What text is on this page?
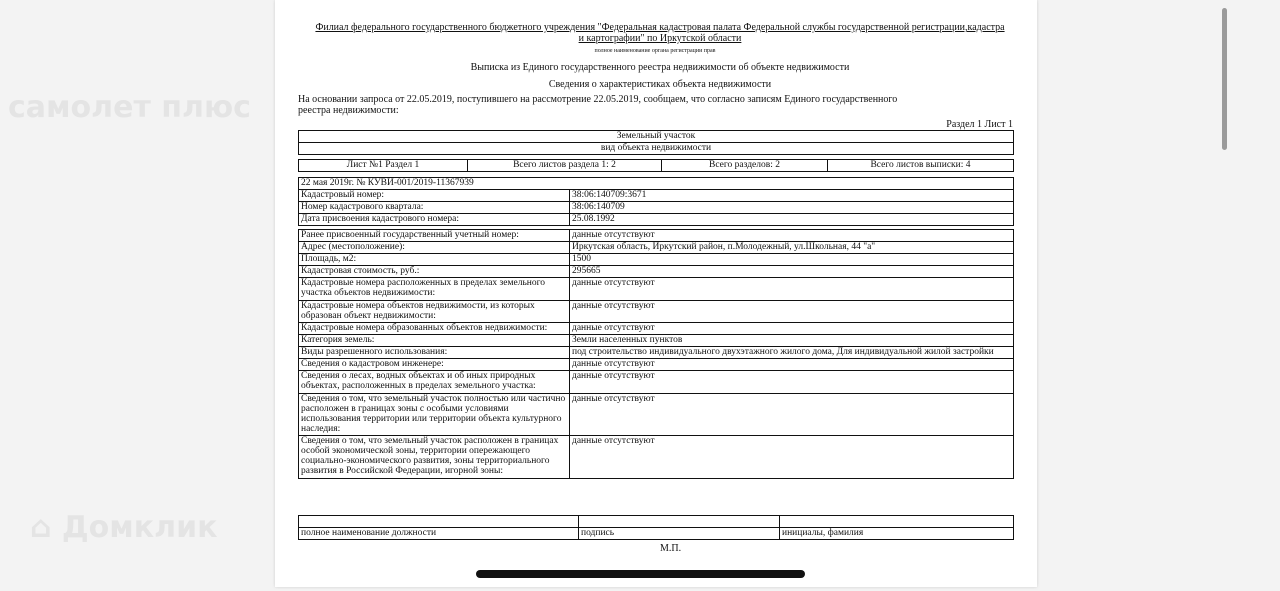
самолет плюс
⌂ Домклик
Филиал федерального государственного бюджетного учреждения "Федеральная кадастровая палата Федеральной службы государственной регистрации,кадастра и картографии" по Иркутской области
полное наименование органа регистрации прав
Выписка из Единого государственного реестра недвижимости об объекте недвижимости
Сведения о характеристиках объекта недвижимости
На основании запроса от 22.05.2019, поступившего на рассмотрение 22.05.2019, сообщаем, что согласно записям Единого государственного реестра недвижимости:
Раздел 1 Лист 1
Земельный участок
вид объекта недвижимости
Лист №1 Раздел 1	Всего листов раздела 1: 2	Всего разделов: 2	Всего листов выписки: 4
22 мая 2019г. № КУВИ-001/2019-11367939	
Кадастровый номер:	38:06:140709:3671
Номер кадастрового квартала:	38:06:140709
Дата присвоения кадастрового номера:	25.08.1992
Ранее присвоенный государственный учетный номер:	данные отсутствуют
Адрес (местоположение):	Иркутская область, Иркутский район, п.Молодежный, ул.Школьная, 44 "а"
Площадь, м2:	1500
Кадастровая стоимость, руб.:	295665
Кадастровые номера расположенных в пределах земельного участка объектов недвижимости:	данные отсутствуют
Кадастровые номера объектов недвижимости, из которых образован объект недвижимости:	данные отсутствуют
Кадастровые номера образованных объектов недвижимости:	данные отсутствуют
Категория земель:	Земли населенных пунктов
Виды разрешенного использования:	под строительство индивидуального двухэтажного жилого дома, Для индивидуальной жилой застройки
Сведения о кадастровом инженере:	данные отсутствуют
Сведения о лесах, водных объектах и об иных природных объектах, расположенных в пределах земельного участка:	данные отсутствуют
Сведения о том, что земельный участок полностью или частично расположен в границах зоны с особыми условиями использования территории или территории объекта культурного наследия:	данные отсутствуют
Сведения о том, что земельный участок расположен в границах особой экономической зоны, территории опережающего социально-экономического развития, зоны территориального развития в Российской Федерации, игорной зоны:	данные отсутствуют

полное наименование должности	подпись	инициалы, фамилия
М.П.
